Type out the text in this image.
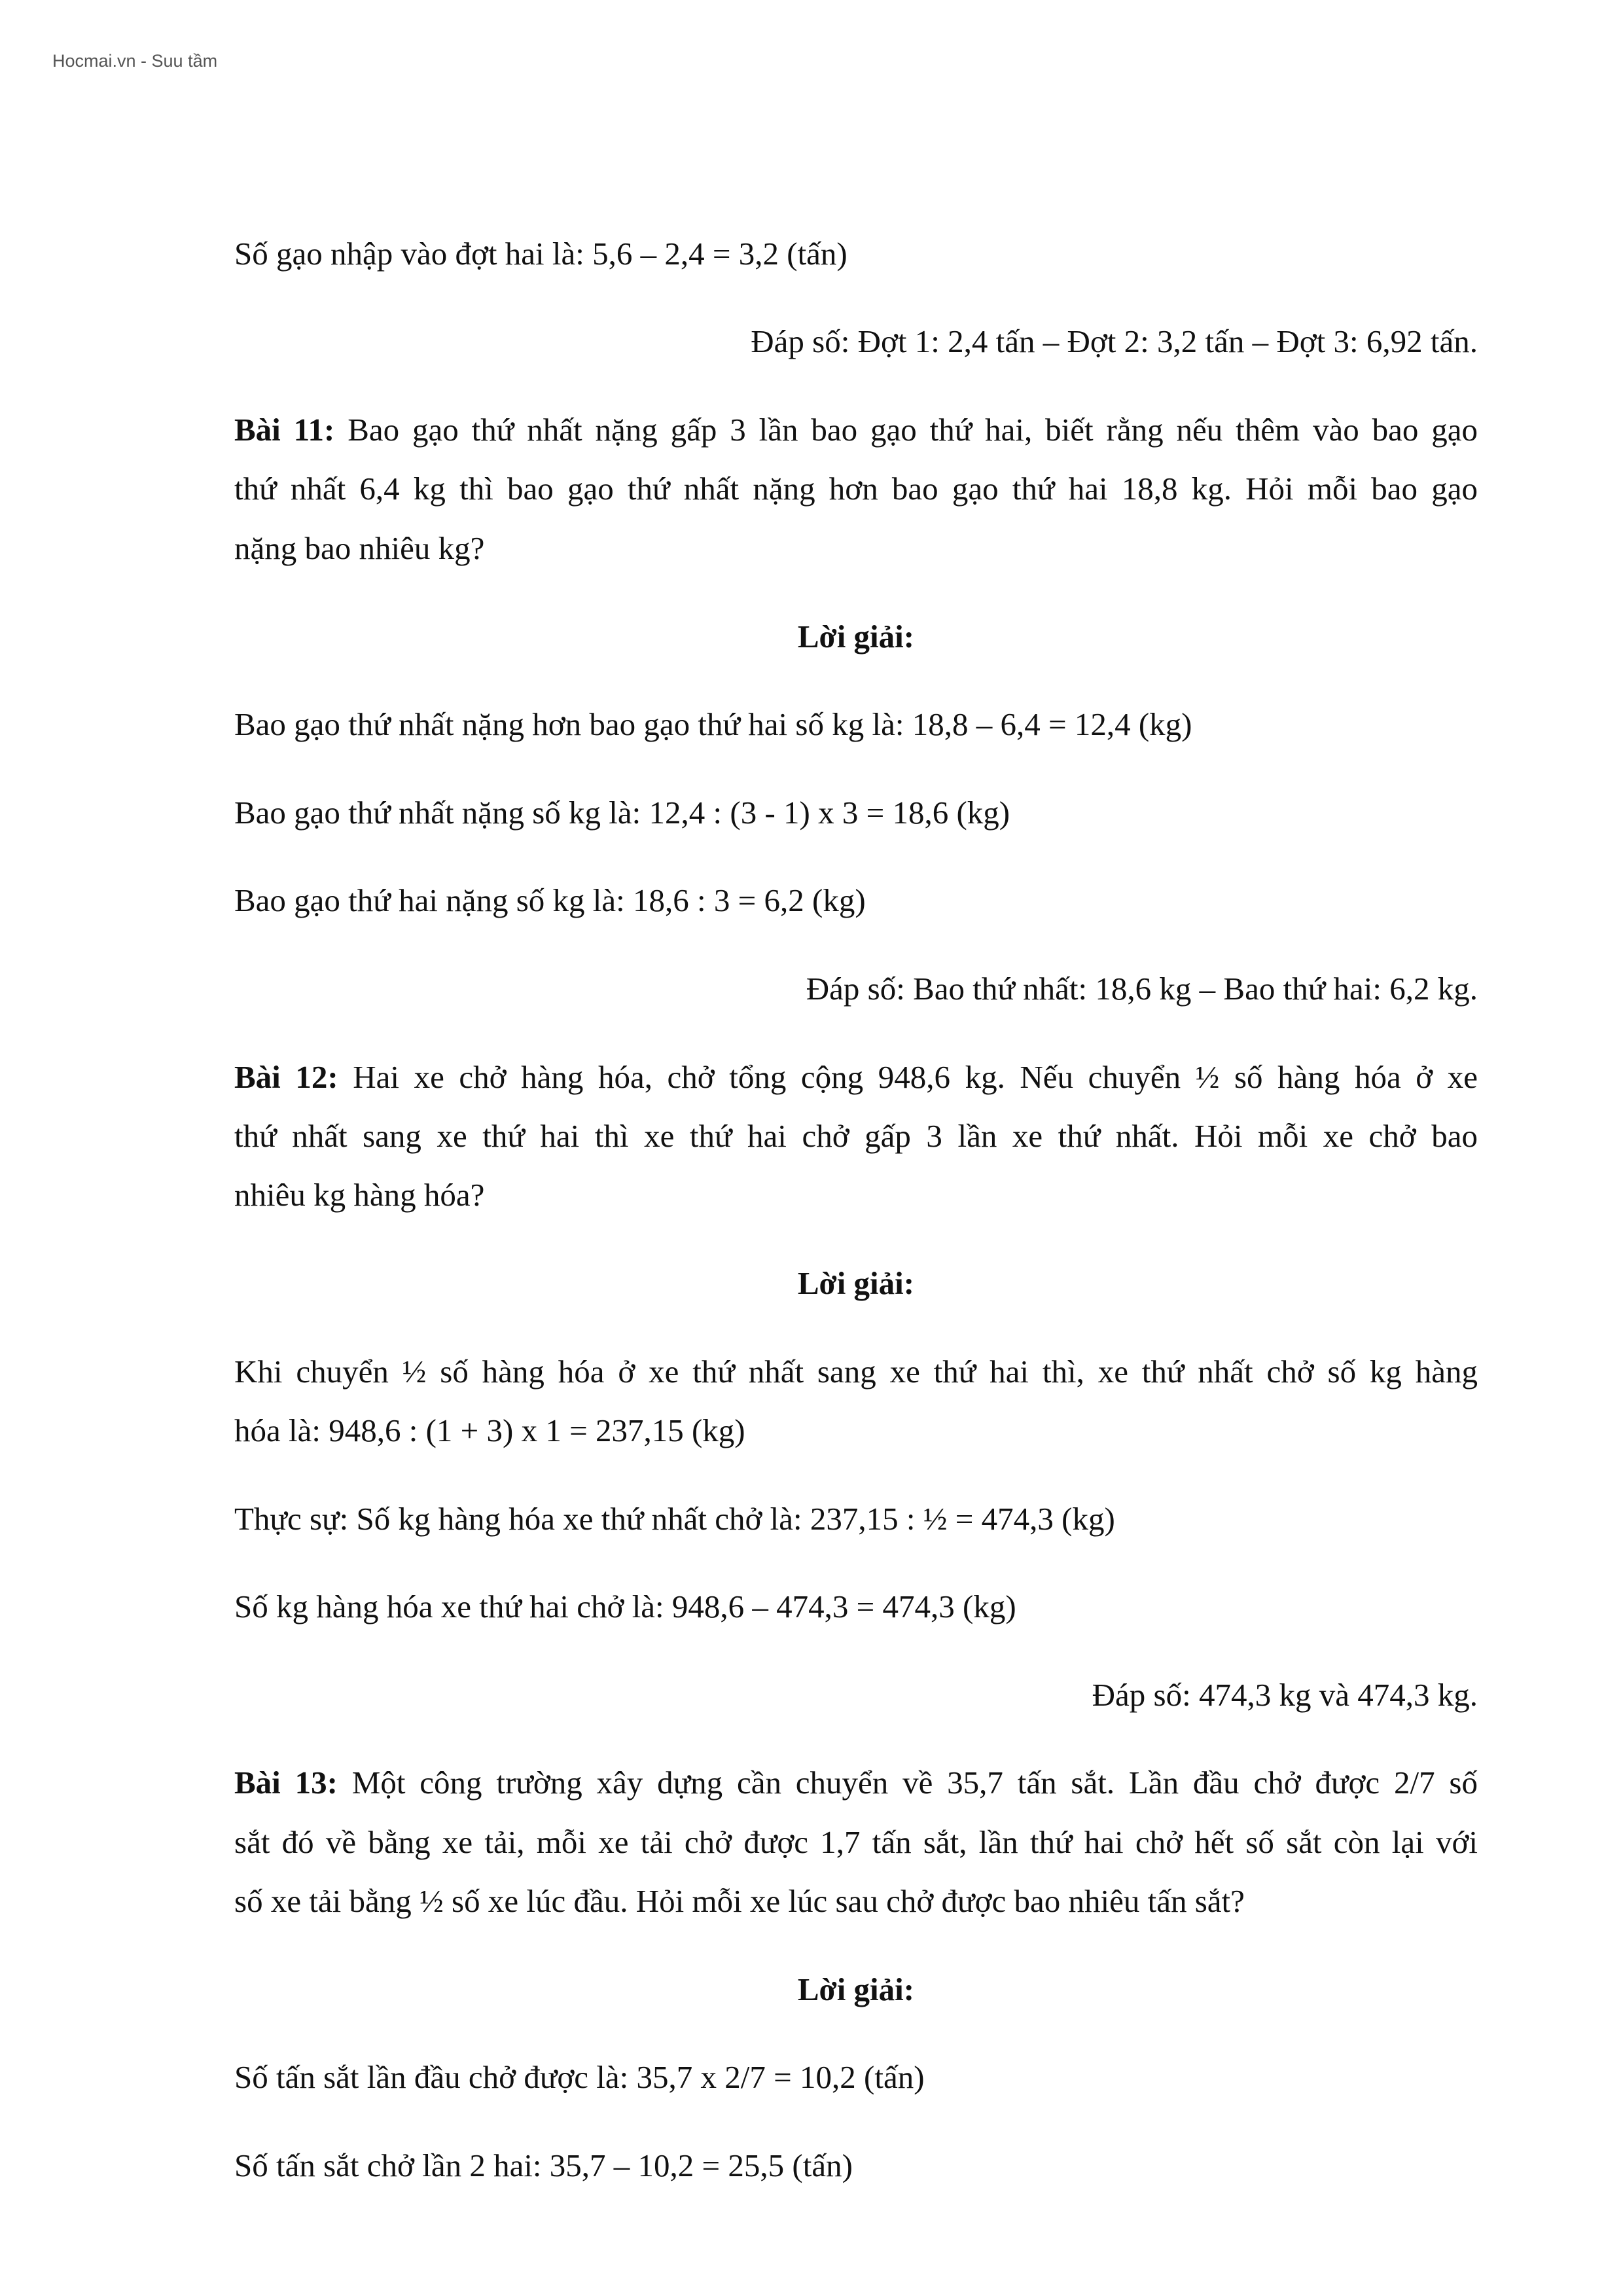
Hocmai.vn - Suu tầm
Số gạo nhập vào đợt hai là: 5,6 – 2,4 = 3,2 (tấn)
Đáp số: Đợt 1: 2,4 tấn – Đợt 2: 3,2 tấn – Đợt 3: 6,92 tấn.
Bài 11: Bao gạo thứ nhất nặng gấp 3 lần bao gạo thứ hai, biết rằng nếu thêm vào bao gạo
thứ nhất 6,4 kg thì bao gạo thứ nhất nặng hơn bao gạo thứ hai 18,8 kg. Hỏi mỗi bao gạo
nặng bao nhiêu kg?
Lời giải:
Bao gạo thứ nhất nặng hơn bao gạo thứ hai số kg là: 18,8 – 6,4 = 12,4 (kg)
Bao gạo thứ nhất nặng số kg là: 12,4 : (3 - 1) x 3 = 18,6 (kg)
Bao gạo thứ hai nặng số kg là: 18,6 : 3 = 6,2 (kg)
Đáp số: Bao thứ nhất: 18,6 kg – Bao thứ hai: 6,2 kg.
Bài 12: Hai xe chở hàng hóa, chở tổng cộng 948,6 kg. Nếu chuyển ½ số hàng hóa ở xe
thứ nhất sang xe thứ hai thì xe thứ hai chở gấp 3 lần xe thứ nhất. Hỏi mỗi xe chở bao
nhiêu kg hàng hóa?
Lời giải:
Khi chuyển ½ số hàng hóa ở xe thứ nhất sang xe thứ hai thì, xe thứ nhất chở số kg hàng
hóa là: 948,6 : (1 + 3) x 1 = 237,15 (kg)
Thực sự: Số kg hàng hóa xe thứ nhất chở là: 237,15 : ½ = 474,3 (kg)
Số kg hàng hóa xe thứ hai chở là: 948,6 – 474,3 = 474,3 (kg)
Đáp số: 474,3 kg và 474,3 kg.
Bài 13: Một công trường xây dựng cần chuyển về 35,7 tấn sắt. Lần đầu chở được 2/7 số
sắt đó về bằng xe tải, mỗi xe tải chở được 1,7 tấn sắt, lần thứ hai chở hết số sắt còn lại với
số xe tải bằng ½ số xe lúc đầu. Hỏi mỗi xe lúc sau chở được bao nhiêu tấn sắt?
Lời giải:
Số tấn sắt lần đầu chở được là: 35,7 x 2/7 = 10,2 (tấn)
Số tấn sắt chở lần 2 hai: 35,7 – 10,2 = 25,5 (tấn)
